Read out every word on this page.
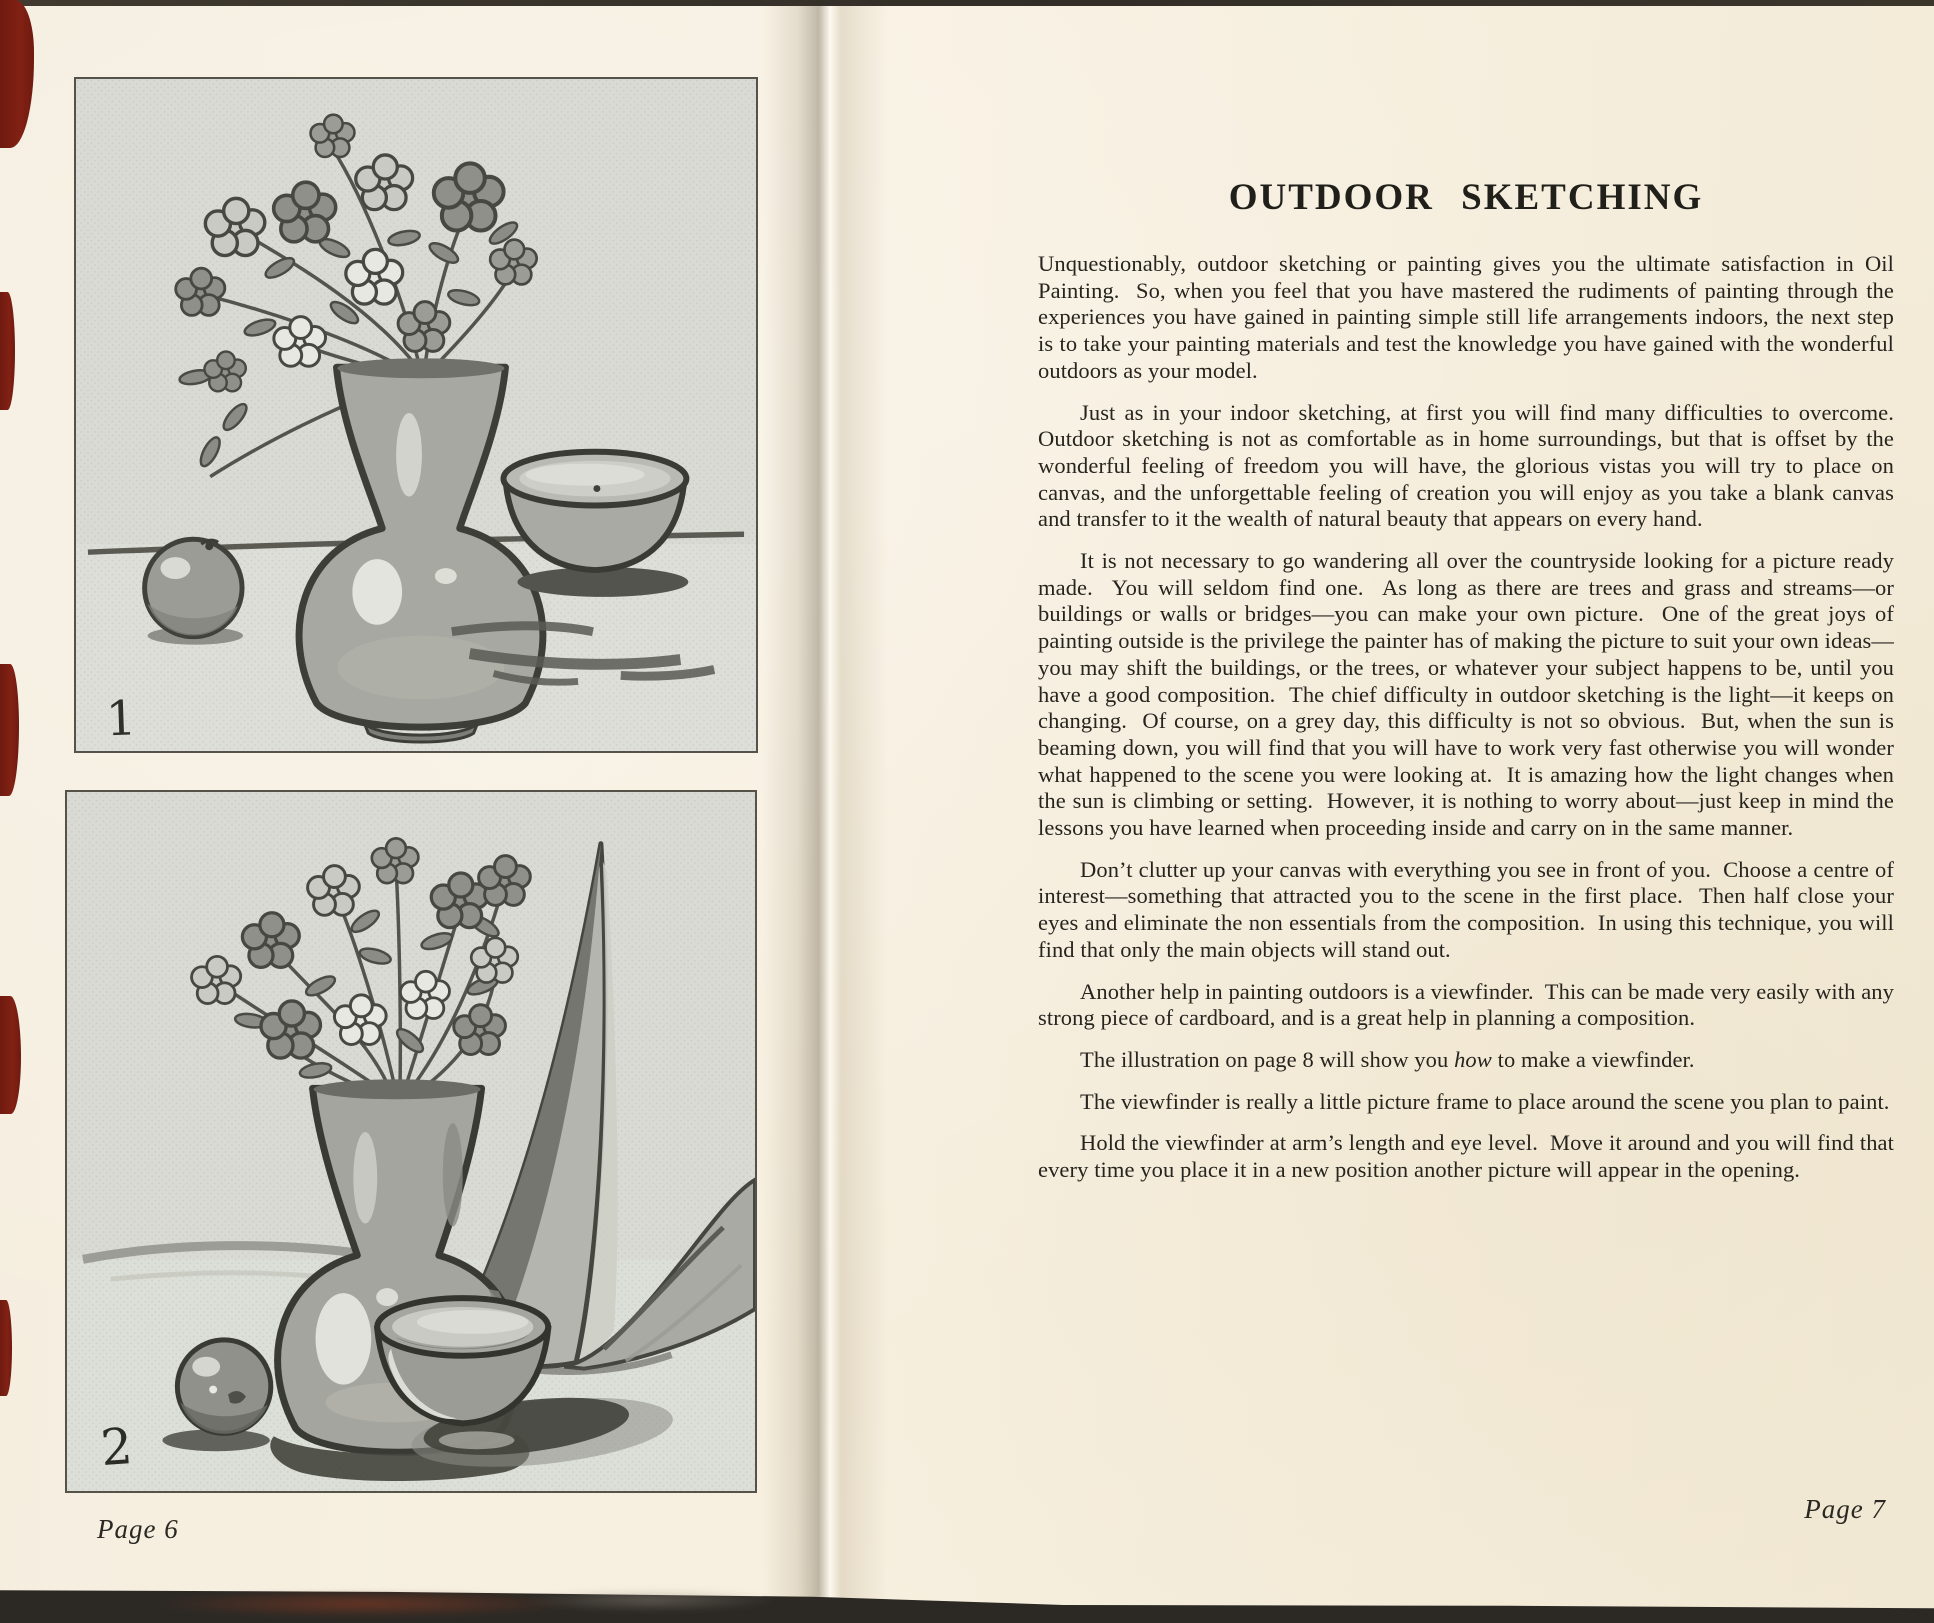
1
2
Page 6
OUTDOOR SKETCHING

Unquestionably, outdoor sketching or painting gives you the ultimate satisfaction in Oil Painting.  So, when you feel that you have mastered the rudiments of painting through the experiences you have gained in painting simple still life arrangements indoors, the next step is to take your painting materials and test the knowledge you have gained with the wonderful outdoors as your model.

Just as in your indoor sketching, at first you will find many difficulties to overcome.  Outdoor sketching is not as comfortable as in home surroundings, but that is offset by the wonderful feeling of freedom you will have, the glorious vistas you will try to place on canvas, and the unforgettable feeling of creation you will enjoy as you take a blank canvas and transfer to it the wealth of natural beauty that appears on every hand.

It is not necessary to go wandering all over the countryside looking for a picture ready made.  You will seldom find one.  As long as there are trees and grass and streams—or buildings or walls or bridges—you can make your own picture.  One of the great joys of painting outside is the privilege the painter has of making the picture to suit your own ideas—you may shift the buildings, or the trees, or whatever your subject happens to be, until you have a good composition.  The chief difficulty in outdoor sketching is the light—it keeps on changing.  Of course, on a grey day, this difficulty is not so obvious.  But, when the sun is beaming down, you will find that you will have to work very fast otherwise you will wonder what happened to the scene you were looking at.  It is amazing how the light changes when the sun is climbing or setting.  However, it is nothing to worry about—just keep in mind the lessons you have learned when proceeding inside and carry on in the same manner.

Don’t clutter up your canvas with everything you see in front of you.  Choose a centre of interest—something that attracted you to the scene in the first place.  Then half close your eyes and eliminate the non essentials from the composition.  In using this technique, you will find that only the main objects will stand out.

Another help in painting outdoors is a viewfinder.  This can be made very easily with any strong piece of cardboard, and is a great help in planning a composition.

The illustration on page 8 will show you how to make a viewfinder.

The viewfinder is really a little picture frame to place around the scene you plan to paint.

Hold the viewfinder at arm’s length and eye level.  Move it around and you will find that every time you place it in a new position another picture will appear in the opening.

Page 7
